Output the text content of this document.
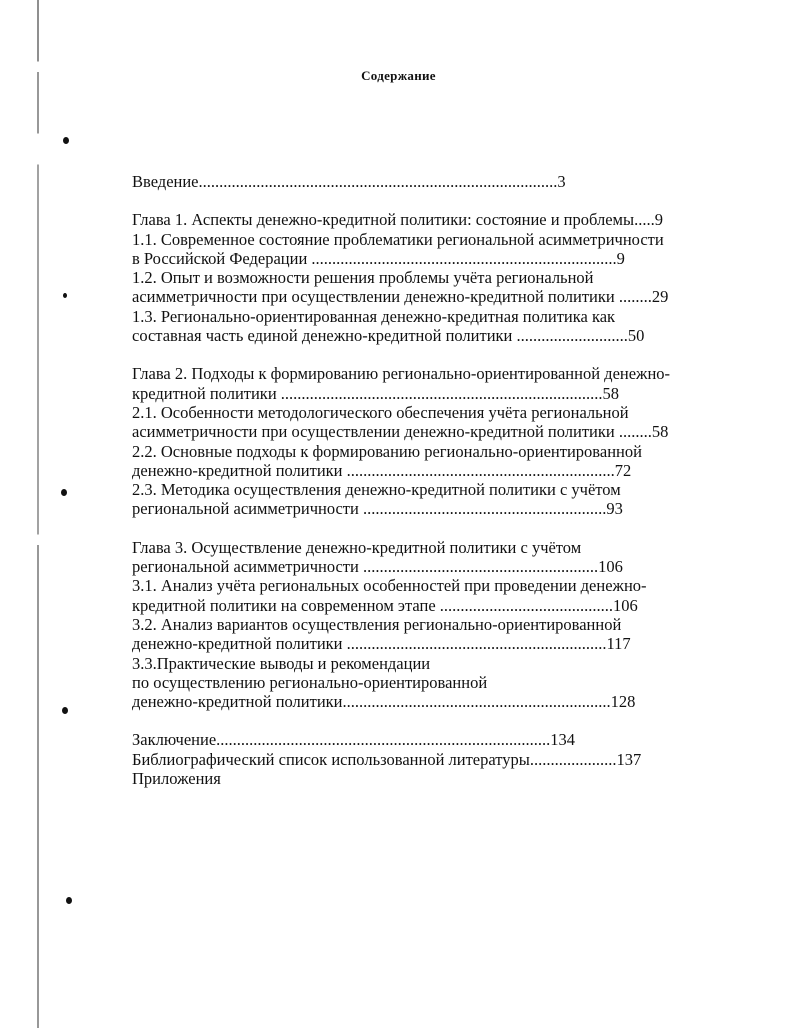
Содержание

Введение.......................................................................................3

Глава 1. Аспекты денежно-кредитной политики: состояние и проблемы.....9

1.1. Современное состояние проблематики региональной асимметричности
в Российской Федерации ..........................................................................9
1.2. Опыт и возможности решения проблемы учёта региональной
асимметричности при осуществлении денежно-кредитной политики ........29
1.3. Регионально-ориентированная денежно-кредитная политика как
составная часть единой денежно-кредитной политики ...........................50
Глава 2. Подходы к формированию регионально-ориентированной денежно-
кредитной политики ..............................................................................58
2.1. Особенности методологического обеспечения учёта региональной
асимметричности при осуществлении денежно-кредитной политики ........58
2.2. Основные подходы к формированию регионально-ориентированной
денежно-кредитной политики .................................................................72
2.3. Методика осуществления денежно-кредитной политики с учётом
региональной асимметричности ...........................................................93
Глава 3. Осуществление денежно-кредитной политики с учётом
региональной асимметричности .........................................................106
3.1. Анализ учёта региональных особенностей при проведении денежно-
кредитной политики на современном этапе ..........................................106
3.2. Анализ вариантов осуществления регионально-ориентированной
денежно-кредитной политики ...............................................................117
3.3.Практические выводы и рекомендации
по осуществлению регионально-ориентированной
денежно-кредитной политики.................................................................128

Заключение.................................................................................134

Библиографический список использованной литературы.....................137

Приложения
